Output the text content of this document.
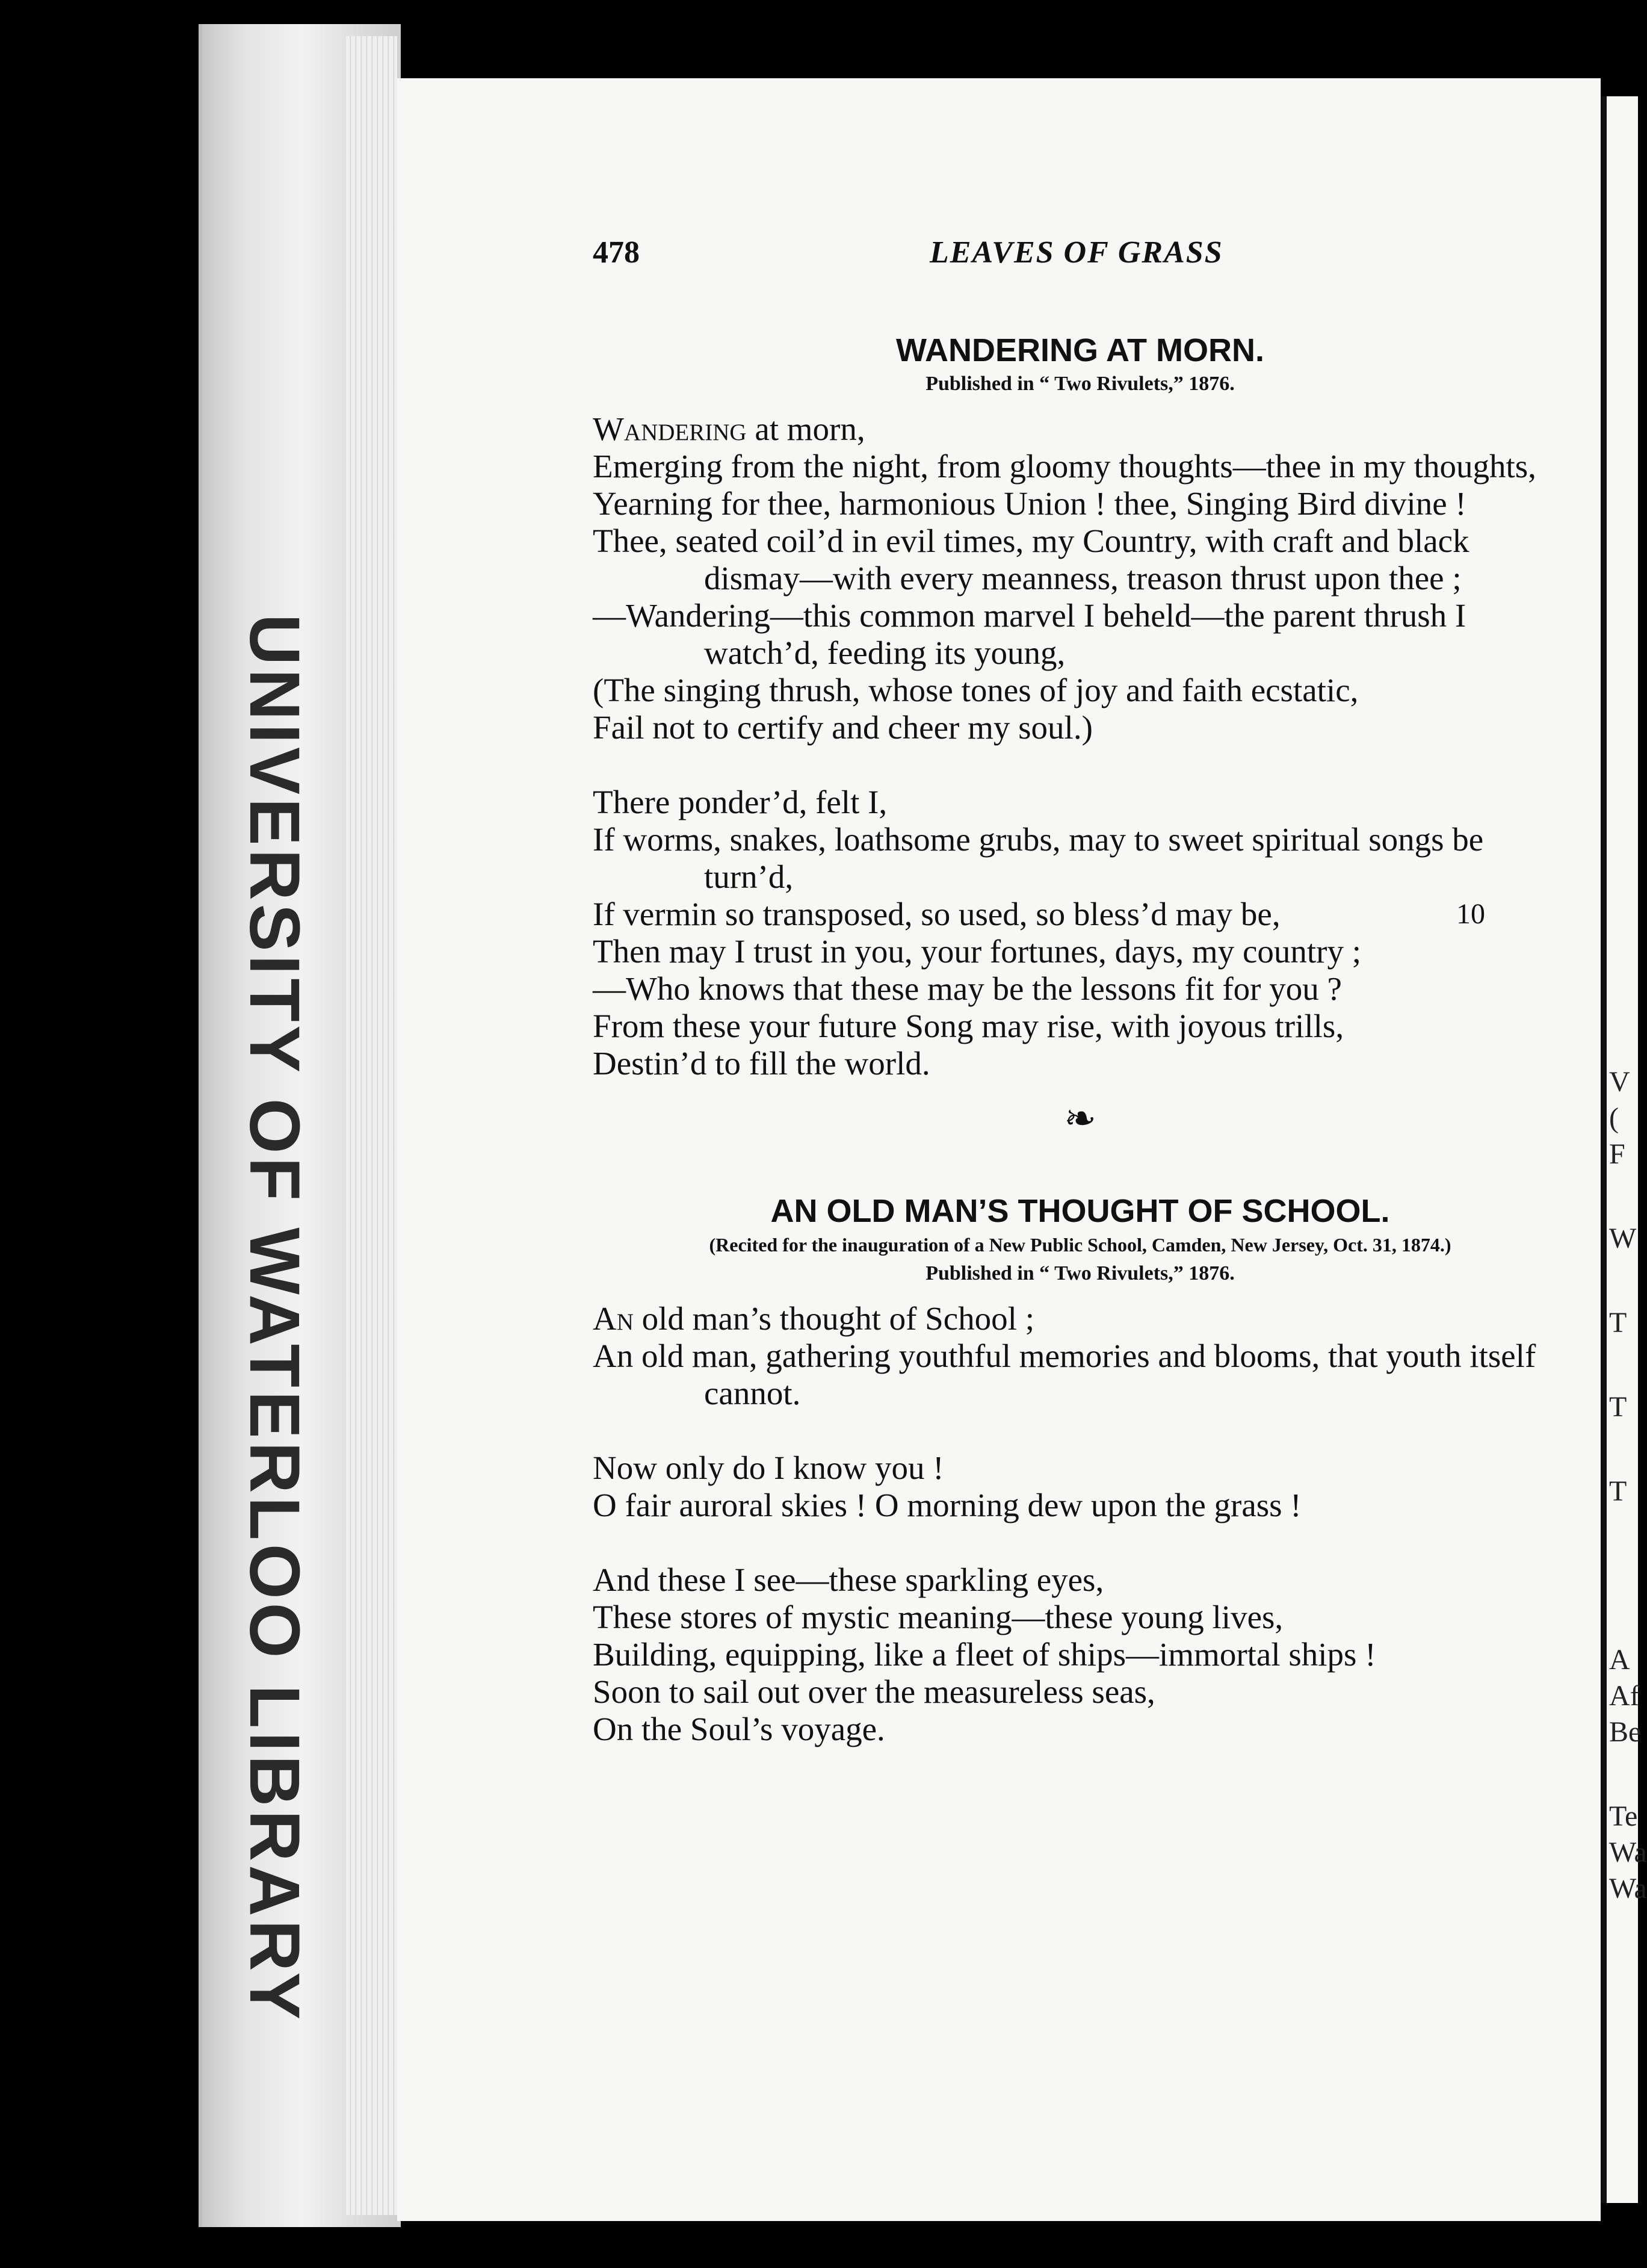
V
(
F
W
T
T
T
A
Af
Be
Te
Wa
Wa
478	LEAVES OF GRASS
WANDERING AT MORN.
Published in “ Two Rivulets,” 1876.
Wandering at morn,
Emerging from the night, from gloomy thoughts—thee in my thoughts,
Yearning for thee, harmonious Union ! thee, Singing Bird divine !
Thee, seated coil’d in evil times, my Country, with craft and black dismay—with every meanness, treason thrust upon thee ;
—Wandering—this common marvel I beheld—the parent thrush I watch’d, feeding its young,
(The singing thrush, whose tones of joy and faith ecstatic,
Fail not to certify and cheer my soul.)
There ponder’d, felt I,
If worms, snakes, loathsome grubs, may to sweet spiritual songs be turn’d,
If vermin so transposed, so used, so bless’d may be,	10
Then may I trust in you, your fortunes, days, my country ;
—Who knows that these may be the lessons fit for you ?
From these your future Song may rise, with joyous trills,
Destin’d to fill the world.
❧
AN OLD MAN’S THOUGHT OF SCHOOL.
(Recited for the inauguration of a New Public School, Camden, New Jersey, Oct. 31, 1874.)
Published in “ Two Rivulets,” 1876.
An old man’s thought of School ;
An old man, gathering youthful memories and blooms, that youth itself cannot.
Now only do I know you !
O fair auroral skies ! O morning dew upon the grass !
And these I see—these sparkling eyes,
These stores of mystic meaning—these young lives,
Building, equipping, like a fleet of ships—immortal ships !
Soon to sail out over the measureless seas,
On the Soul’s voyage.
